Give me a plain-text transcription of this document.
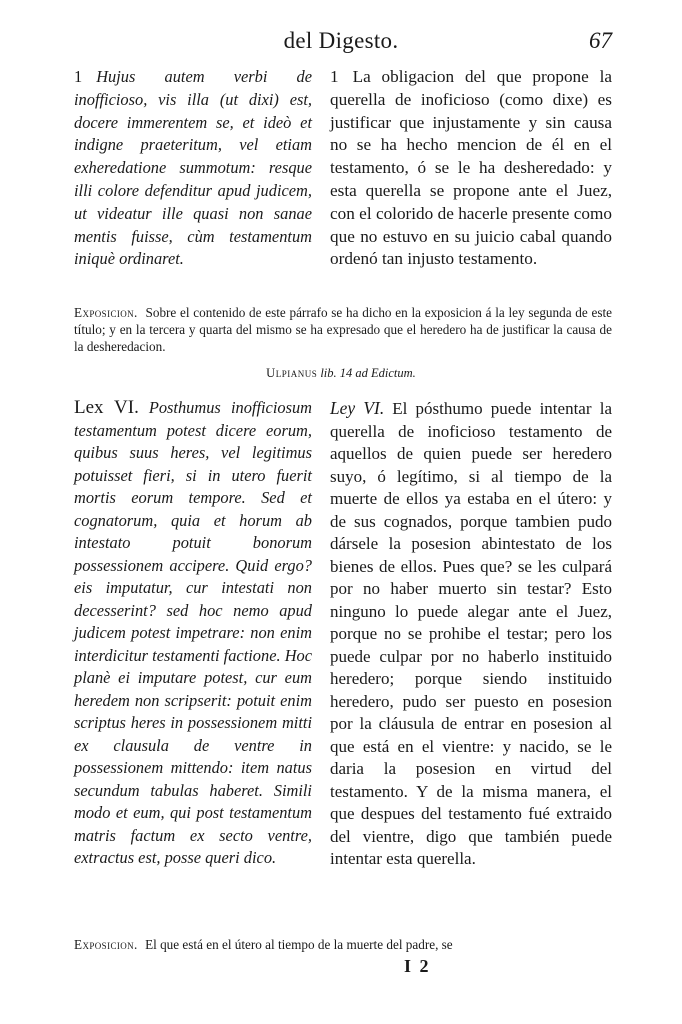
del Digesto.	67

1 Hujus autem verbi de inofficioso, vis illa (ut dixi) est, docere immerentem se, et ideò et indigne praeteritum, vel etiam exheredatione summotum: resque illi colore defenditur apud judicem, ut videatur ille quasi non sanae mentis fuisse, cùm testamentum iniquè ordinaret.

1 La obligacion del que propone la querella de inoficioso (como dixe) es justificar que injustamente y sin causa no se ha hecho mencion de él en el testamento, ó se le ha desheredado: y esta querella se propone ante el Juez, con el colorido de hacerle presente como que no estuvo en su juicio cabal quando ordenó tan injusto testamento.

Exposicion. Sobre el contenido de este párrafo se ha dicho en la exposicion á la ley segunda de este título; y en la tercera y quarta del mismo se ha expresado que el heredero ha de justificar la causa de la desheredacion.
Ulpianus lib. 14 ad Edictum.

Lex VI. Posthumus inofficiosum testamentum potest dicere eorum, quibus suus heres, vel legitimus potuisset fieri, si in utero fuerit mortis eorum tempore. Sed et cognatorum, quia et horum ab intestato potuit bonorum possessionem accipere. Quid ergo? eis imputatur, cur intestati non decesserint? sed hoc nemo apud judicem potest impetrare: non enim interdicitur testamenti factione. Hoc planè ei imputare potest, cur eum heredem non scripserit: potuit enim scriptus heres in possessionem mitti ex clausula de ventre in possessionem mittendo: item natus secundum tabulas haberet. Simili modo et eum, qui post testamentum matris factum ex secto ventre, extractus est, posse queri dico.

Ley VI. El pósthumo puede intentar la querella de inoficioso testamento de aquellos de quien puede ser heredero suyo, ó legítimo, si al tiempo de la muerte de ellos ya estaba en el útero: y de sus cognados, porque tambien pudo dársele la posesion abintestato de los bienes de ellos. Pues que? se les culpará por no haber muerto sin testar? Esto ninguno lo puede alegar ante el Juez, porque no se prohibe el testar; pero los puede culpar por no haberlo instituido heredero; porque siendo instituido heredero, pudo ser puesto en posesion por la cláusula de entrar en posesion al que está en el vientre: y nacido, se le daria la posesion en virtud del testamento. Y de la misma manera, el que despues del testamento fué extraido del vientre, digo que también puede intentar esta querella.

Exposicion. El que está en el útero al tiempo de la muerte del padre, se
I 2
